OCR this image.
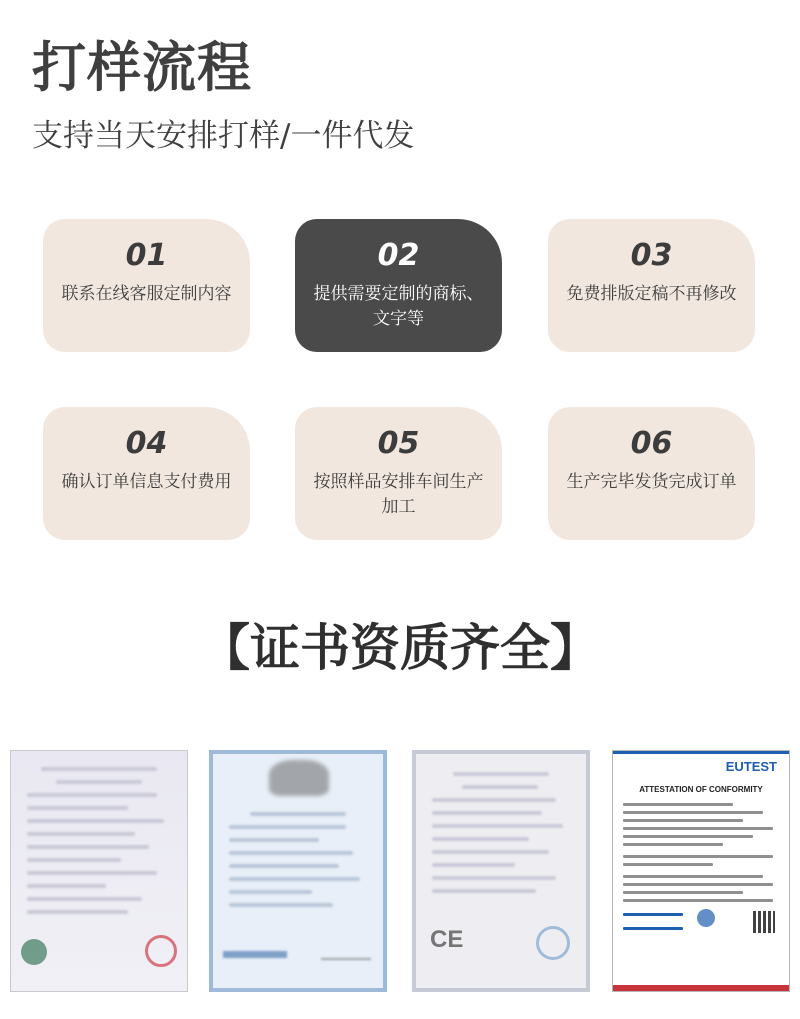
打样流程
支持当天安排打样/一件代发
01
联系在线客服定制内容
02
提供需要定制的商标、文字等
03
免费排版定稿不再修改
04
确认订单信息支付费用
05
按照样品安排车间生产加工
06
生产完毕发货完成订单
【证书资质齐全】
CE
EUTEST
ATTESTATION OF CONFORMITY
